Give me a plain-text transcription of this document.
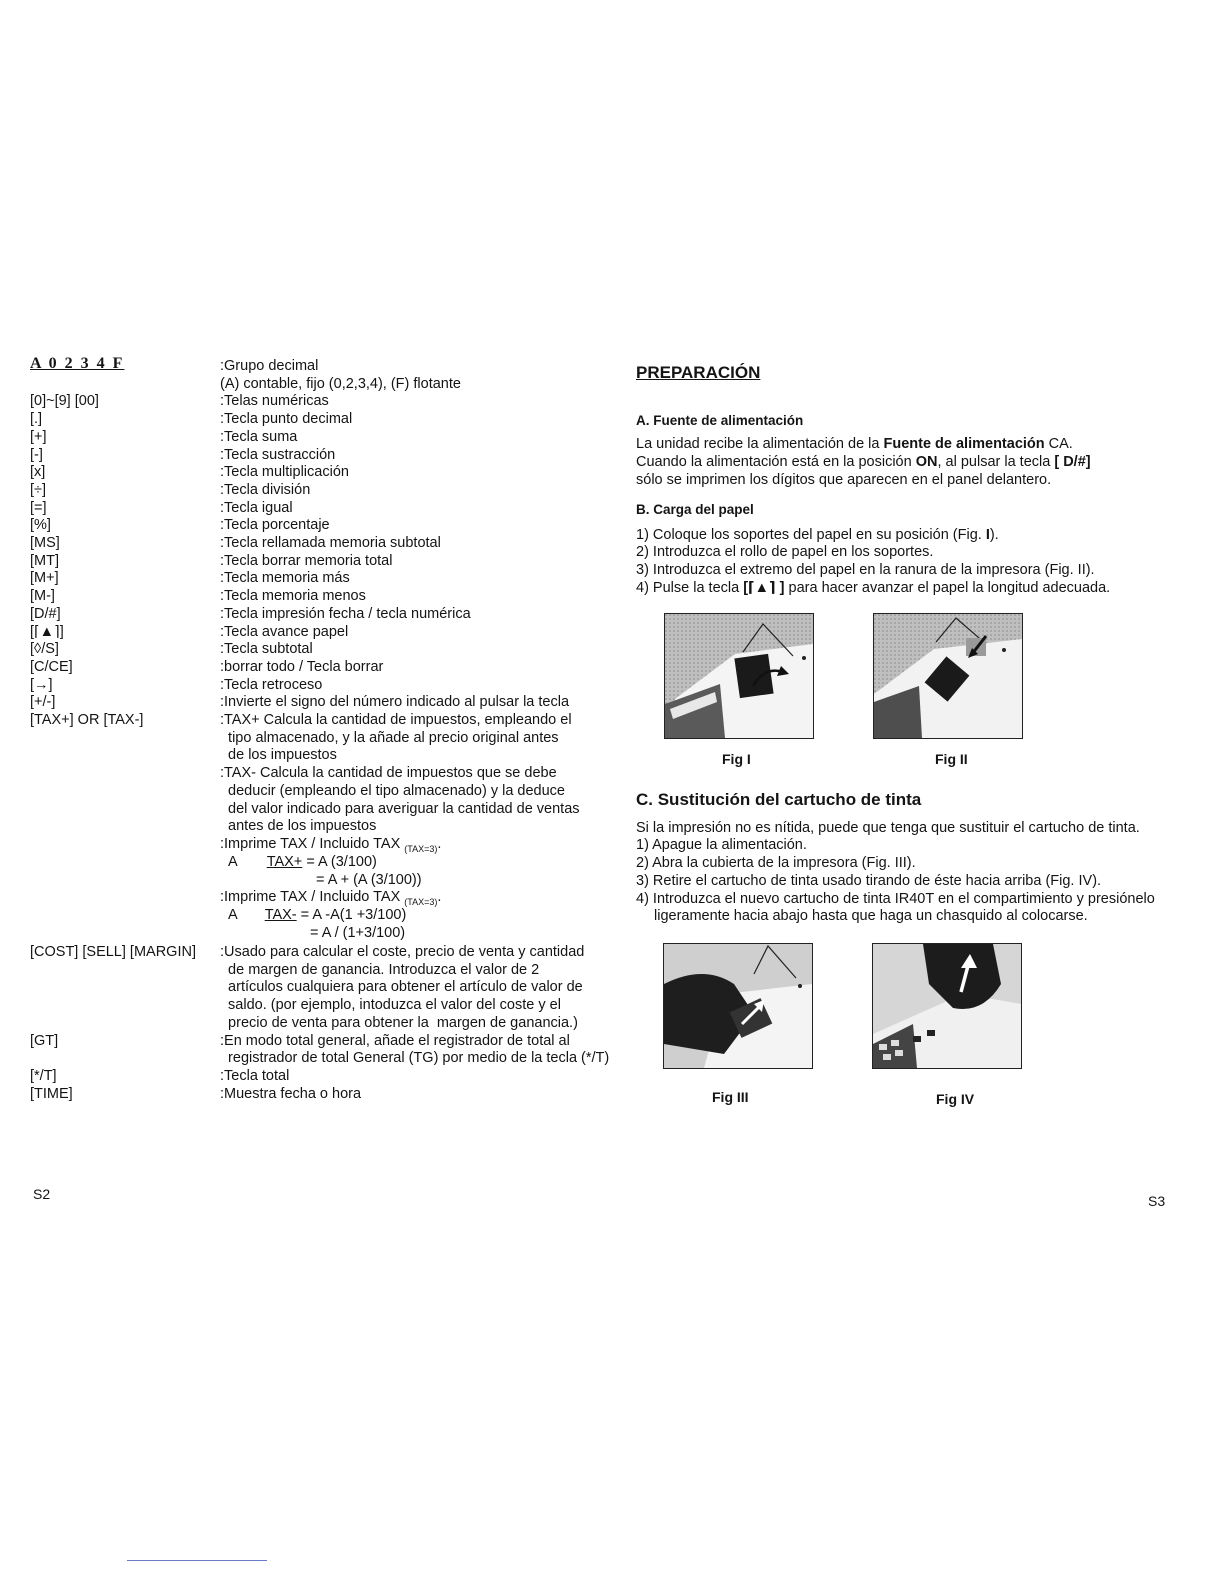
A 0 2 3 4 F	:Grupo decimal
(A) contable, fijo (0,2,3,4), (F) flotante
[0]~[9] [00]	:Telas numéricas
[.]	:Tecla punto decimal
[+]	:Tecla suma
[-]	:Tecla sustracción
[x]	:Tecla multiplicación
[÷]	:Tecla división
[=]	:Tecla igual
[%]	:Tecla porcentaje
[MS]	:Tecla rellamada memoria subtotal
[MT]	:Tecla borrar memoria total
[M+]	:Tecla memoria más
[M-]	:Tecla memoria menos
[D/#]	:Tecla impresión fecha / tecla numérica
[⌈▲⌉]	:Tecla avance papel
[◊/S]	:Tecla subtotal
[C/CE]	:borrar todo / Tecla borrar
[→]	:Tecla retroceso
[+/-]	:Invierte el signo del número indicado al pulsar la tecla
[TAX+] OR [TAX-]	:TAX+ Calcula la cantidad de impuestos, empleando el
tipo almacenado, y la añade al precio original antes
de los impuestos
:TAX- Calcula la cantidad de impuestos que se debe
deducir (empleando el tipo almacenado) y la deduce
del valor indicado para averiguar la cantidad de ventas
antes de los impuestos
:Imprime TAX / Incluido TAX $_{(TAX=3)}$.
A TAX+ = A (3/100)
= A + (A (3/100))
:Imprime TAX / Incluido TAX $_{(TAX=3)}$.
A TAX- = A -A(1 +3/100)
= A / (1+3/100)
[COST] [SELL] [MARGIN] :Usado para calcular el coste, precio de venta y cantidad
de margen de ganancia. Introduzca el valor de 2
artículos cualquiera para obtener el artículo de valor de
saldo. (por ejemplo, intoduzca el valor del coste y el
precio de venta para obtener la  margen de ganancia.)
[GT]	:En modo total general, añade el registrador de total al
registrador de total General (TG) por medio de la tecla (*/T)
[*/T]	:Tecla total
[TIME]	:Muestra fecha o hora
S2
PREPARACIÓN
A. Fuente de alimentación
La unidad recibe la alimentación de la Fuente de alimentación CA.
Cuando la alimentación está en la posición ON, al pulsar la tecla [ D/#]
sólo se imprimen los dígitos que aparecen en el panel delantero.
B. Carga del papel
1) Coloque los soportes del papel en su posición (Fig. I).
2) Introduzca el rollo de papel en los soportes.
3) Introduzca el extremo del papel en la ranura de la impresora (Fig. II).
4) Pulse la tecla [⌈▲⌉ ] para hacer avanzar el papel la longitud adecuada.
Fig I	Fig II
C. Sustitución del cartucho de tinta
Si la impresión no es nítida, puede que tenga que sustituir el cartucho de tinta.
1) Apague la alimentación.
2) Abra la cubierta de la impresora (Fig. III).
3) Retire el cartucho de tinta usado tirando de éste hacia arriba (Fig. IV).
4) Introduzca el nuevo cartucho de tinta IR40T en el compartimiento y presiónelo
ligeramente hacia abajo hasta que haga un chasquido al colocarse.
Fig III	Fig IV
S3
